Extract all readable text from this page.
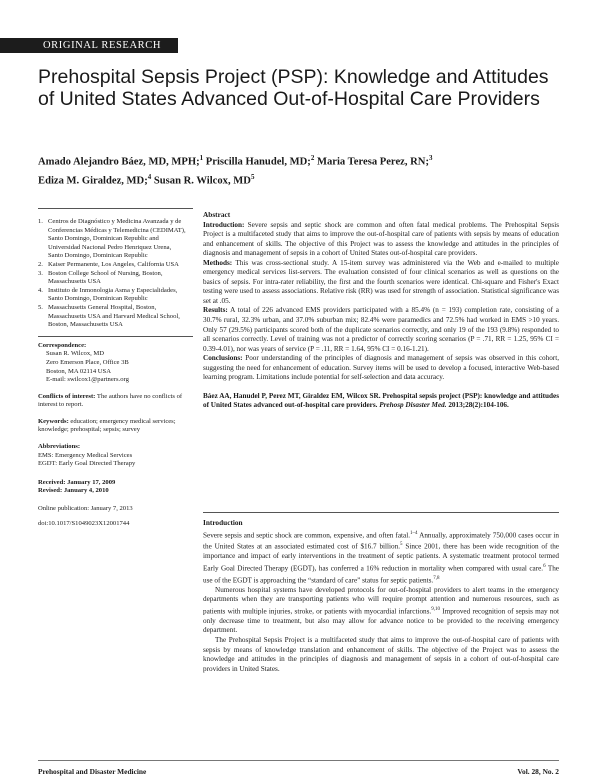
ORIGINAL RESEARCH
Prehospital Sepsis Project (PSP): Knowledge and Attitudes of United States Advanced Out-of-Hospital Care Providers
Amado Alejandro Báez, MD, MPH;$^1$ Priscilla Hanudel, MD;$^2$ Maria Teresa Perez, RN;$^3$
Ediza M. Giraldez, MD;$^4$ Susan R. Wilcox, $MD^5$
1. Centros de Diagnóstico y Medicina Avanzada y de Conferencias Médicas y Telemedicina (CEDIMAT), Santo Domingo, Dominican Republic and Universidad Nacional Pedro Henriquez Urena, Santo Domingo, Dominican Republic
2. Kaiser Permanente, Los Angeles, California USA
3. Boston College School of Nursing, Boston, Massachusetts USA
4. Instituto de Inmonologia Asma y Especialidades, Santo Domingo, Dominican Republic
5. Massachusetts General Hospital, Boston, Massachusetts USA and Harvard Medical School, Boston, Massachusetts USA
Correspondence:
Susan R. Wilcox, MD
Zero Emerson Place, Office 3B
Boston, MA 02114 USA
E-mail: swilcox1@partners.org
Conflicts of interest: The authors have no conflicts of interest to report.
Keywords: education; emergency medical services; knowledge; prehospital; sepsis; survey
Abbreviations:
EMS: Emergency Medical Services
EGDT: Early Goal Directed Therapy
Received: January 17, 2009
Revised: January 4, 2010
Online publication: January 7, 2013
doi:10.1017/S1049023X12001744
Abstract

Introduction: Severe sepsis and septic shock are common and often fatal medical problems. The Prehospital Sepsis Project is a multifaceted study that aims to improve the out-of-hospital care of patients with sepsis by means of education and enhancement of skills. The objective of this Project was to assess the knowledge and attitudes in the principles of diagnosis and management of sepsis in a cohort of United States out-of-hospital care providers.

Methods: This was cross-sectional study. A 15-item survey was administered via the Web and e-mailed to multiple emergency medical services list-servers. The evaluation consisted of four clinical scenarios as well as questions on the basics of sepsis. For intra-rater reliability, the first and the fourth scenarios were identical. Chi-square and Fisher's Exact testing were used to assess associations. Relative risk (RR) was used for strength of association. Statistical significance was set at .05.

Results: A total of 226 advanced EMS providers participated with a 85.4% (n = 193) completion rate, consisting of a 30.7% rural, 32.3% urban, and 37.0% suburban mix; 82.4% were paramedics and 72.5% had worked in EMS >10 years. Only 57 (29.5%) participants scored both of the duplicate scenarios correctly, and only 19 of the 193 (9.8%) responded to all scenarios correctly. Level of training was not a predictor of correctly scoring scenarios (P = .71, RR = 1.25, 95% CI = 0.39-4.01), nor was years of service (P = .11, RR = 1.64, 95% CI = 0.16-1.21).

Conclusions: Poor understanding of the principles of diagnosis and management of sepsis was observed in this cohort, suggesting the need for enhancement of education. Survey items will be used to develop a focused, interactive Web-based learning program. Limitations include potential for self-selection and data accuracy.

Báez AA, Hanudel P, Perez MT, Giraldez EM, Wilcox SR. Prehospital sepsis project (PSP): knowledge and attitudes of United States advanced out-of-hospital care providers. Prehosp Disaster Med. 2013;28(2):104-106.

Introduction

Severe sepsis and septic shock are common, expensive, and often fatal.$^{1-4}$ Annually, approximately 750,000 cases occur in the United States at an associated estimated cost of $16.7 billion.$^5$ Since 2001, there has been wide recognition of the importance and impact of early interventions in the treatment of septic patients. A systematic treatment protocol termed Early Goal Directed Therapy (EGDT), has conferred a 16% reduction in mortality when compared with usual care.$^6$ The use of the EGDT is approaching the “standard of care” status for septic patients.$^{7,8}$

Numerous hospital systems have developed protocols for out-of-hospital providers to alert teams in the emergency departments when they are transporting patients who will require prompt attention and numerous resources, such as patients with multiple injuries, stroke, or patients with myocardial infarctions.$^{9,10}$ Improved recognition of sepsis may not only decrease time to treatment, but also may allow for advance notice to be provided to the receiving emergency department.

The Prehospital Sepsis Project is a multifaceted study that aims to improve the out-of-hospital care of patients with sepsis by means of knowledge translation and enhancement of skills. The objective of the Project was to assess the knowledge and attitudes in the principles of diagnosis and management of sepsis in a cohort of out-of-hospital care providers in United States.

Prehospital and Disaster Medicine	Vol. 28, No. 2
